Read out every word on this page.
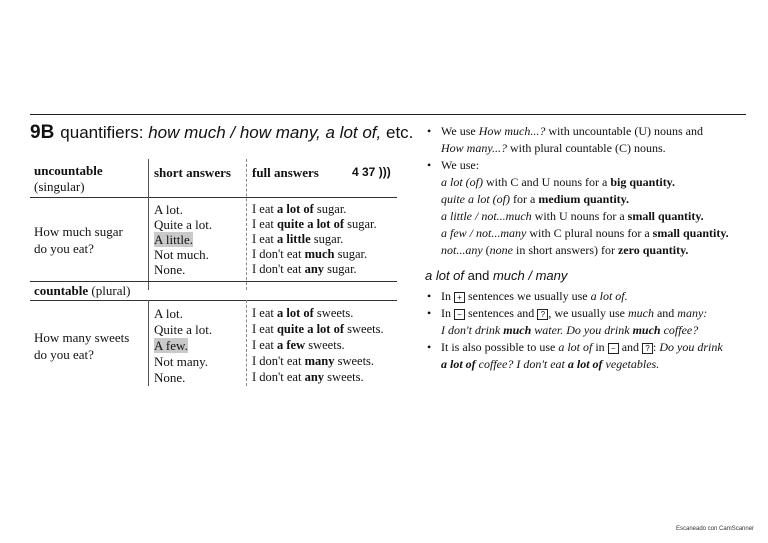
9B quantifiers: how much / how many, a lot of, etc.
uncountable
(singular)
short answers full answers	4 37 )))
How much sugar
do you eat?
A lot.
Quite a lot.
A little.
Not much.
None.
I eat a lot of sugar.
I eat quite a lot of sugar.
I eat a little sugar.
I don't eat much sugar.
I don't eat any sugar.
countable (plural)
How many sweets
do you eat?
A lot.
Quite a lot.
A few.
Not many.
None.
I eat a lot of sweets.
I eat quite a lot of sweets.
I eat a few sweets.
I don't eat many sweets.
I don't eat any sweets.
• We use How much...? with uncountable (U) nouns and
How many...? with plural countable (C) nouns.
• We use:
a lot (of) with C and U nouns for a big quantity.
quite a lot (of) for a medium quantity.
a little / not...much with U nouns for a small quantity.
a few / not...many with C plural nouns for a small quantity.
not...any (none in short answers) for zero quantity.
a lot of and much / many
• In + sentences we usually use a lot of.
• In − sentences and ? , we usually use much and many:
I don't drink much water. Do you drink much coffee?
• It is also possible to use a lot of in − and ? : Do you drink
a lot of coffee? I don't eat a lot of vegetables.
Escaneado con CamScanner
